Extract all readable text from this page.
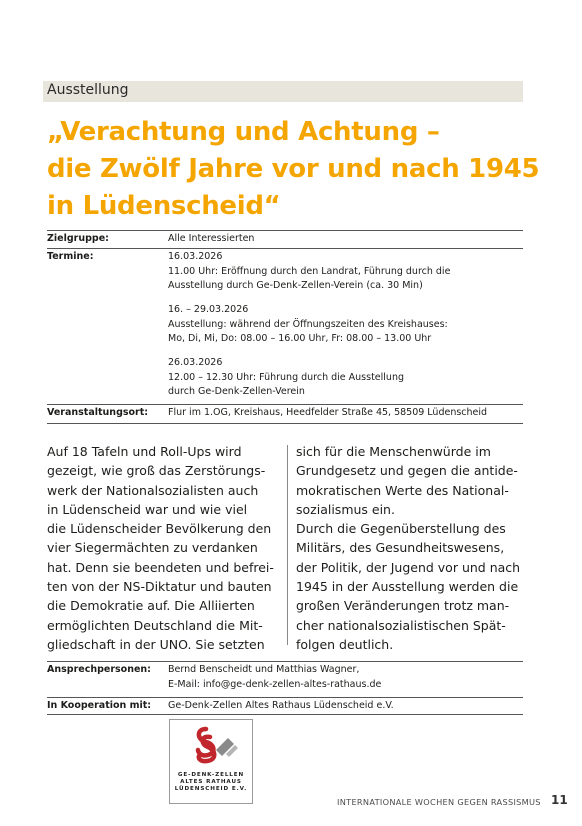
Ausstellung
„Verachtung und Achtung –
die Zwölf Jahre vor und nach 1945
in Lüdenscheid“
Zielgruppe:	Alle Interessierten
Termine:	16.03.2026
11.00 Uhr: Eröffnung durch den Landrat, Führung durch die
Ausstellung durch Ge-Denk-Zellen-Verein (ca. 30 Min)
16. – 29.03.2026
Ausstellung: während der Öffnungszeiten des Kreishauses:
Mo, Di, Mi, Do: 08.00 – 16.00 Uhr, Fr: 08.00 – 13.00 Uhr
26.03.2026
12.00 – 12.30 Uhr: Führung durch die Ausstellung
durch Ge-Denk-Zellen-Verein
Veranstaltungsort: Flur im 1.OG, Kreishaus, Heedfelder Straße 45, 58509 Lüdenscheid
Auf 18 Tafeln und Roll-Ups wird
gezeigt, wie groß das Zerstörungs-
werk der Nationalsozialisten auch
in Lüdenscheid war und wie viel
die Lüdenscheider Bevölkerung den
vier Siegermächten zu verdanken
hat. Denn sie beendeten und befrei-
ten von der NS-Diktatur und bauten
die Demokratie auf. Die Alliierten
ermöglichten Deutschland die Mit-
gliedschaft in der UNO. Sie setzten
sich für die Menschenwürde im
Grundgesetz und gegen die antide-
mokratischen Werte des National-
sozialismus ein.
Durch die Gegenüberstellung des
Militärs, des Gesundheitswesens,
der Politik, der Jugend vor und nach
1945 in der Ausstellung werden die
großen Veränderungen trotz man-
cher nationalsozialistischen Spät-
folgen deutlich.
Ansprechpersonen: Bernd Benscheidt und Matthias Wagner,
E-Mail: info@ge-denk-zellen-altes-rathaus.de
In Kooperation mit: Ge-Denk-Zellen Altes Rathaus Lüdenscheid e.V.
GE-DENK-ZELLEN
ALTES RATHAUS
LÜDENSCHEID E.V.
INTERNATIONALE WOCHEN GEGEN RASSISMUS 11
